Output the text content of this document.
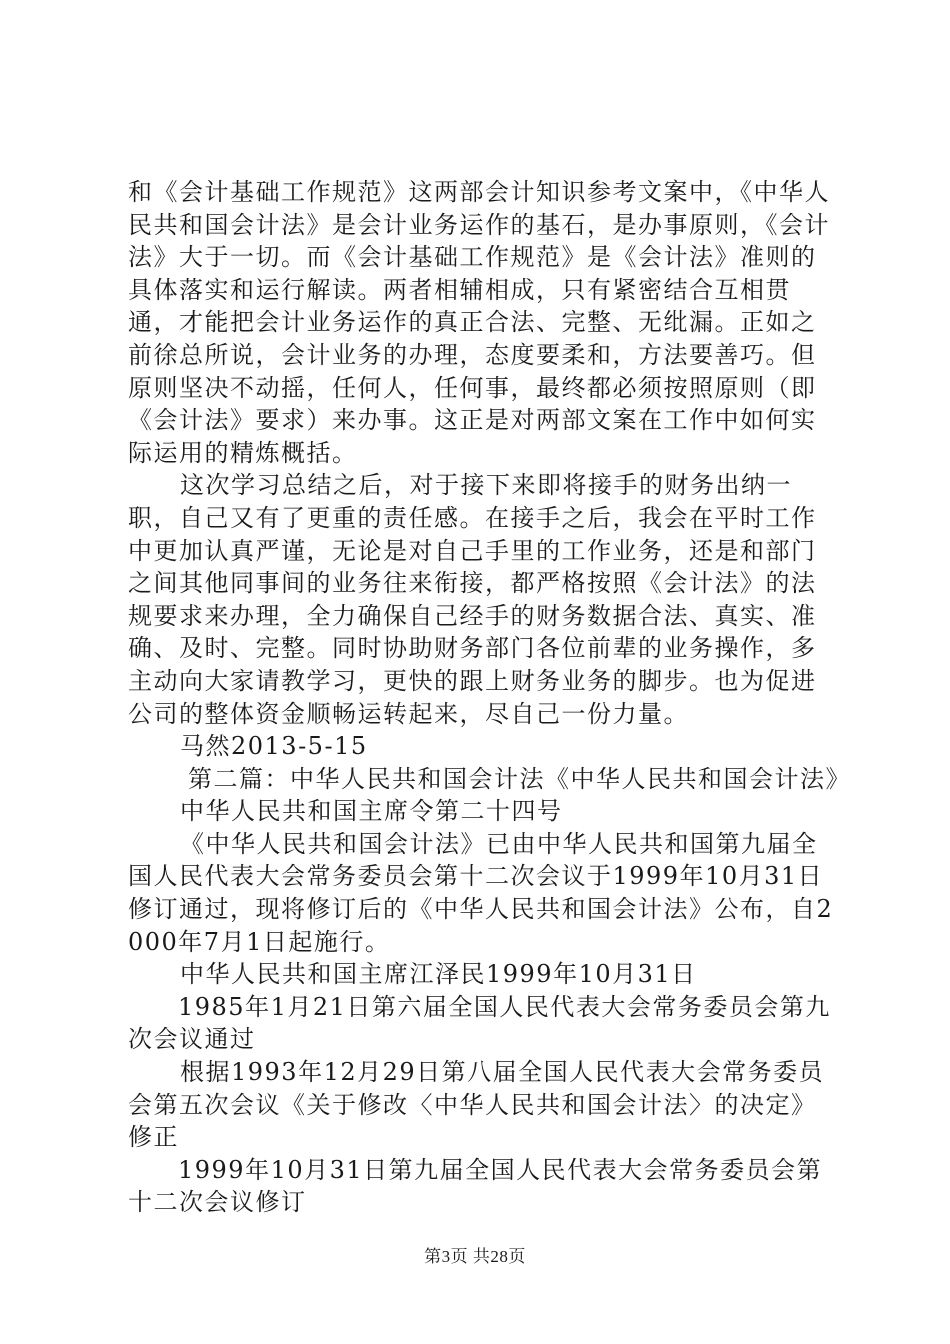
和《会计基础工作规范》这两部会计知识参考文案中，《中华人民共和国会计法》是会计业务运作的基石，是办事原则，《会计法》大于一切。而《会计基础工作规范》是《会计法》准则的具体落实和运行解读。两者相辅相成，只有紧密结合互相贯通，才能把会计业务运作的真正合法、完整、无纰漏。正如之前徐总所说，会计业务的办理，态度要柔和，方法要善巧。但原则坚决不动摇，任何人，任何事，最终都必须按照原则（即《会计法》要求）来办事。这正是对两部文案在工作中如何实际运用的精炼概括。

这次学习总结之后，对于接下来即将接手的财务出纳一职，自己又有了更重的责任感。在接手之后，我会在平时工作中更加认真严谨，无论是对自己手里的工作业务，还是和部门之间其他同事间的业务往来衔接，都严格按照《会计法》的法规要求来办理，全力确保自己经手的财务数据合法、真实、准确、及时、完整。同时协助财务部门各位前辈的业务操作，多主动向大家请教学习，更快的跟上财务业务的脚步。也为促进公司的整体资金顺畅运转起来，尽自己一份力量。

马然2013-5-15

第二篇：中华人民共和国会计法《中华人民共和国会计法》

中华人民共和国主席令第二十四号

《中华人民共和国会计法》已由中华人民共和国第九届全国人民代表大会常务委员会第十二次会议于1999年10月31日修订通过，现将修订后的《中华人民共和国会计法》公布，自2000年7月1日起施行。

中华人民共和国主席江泽民1999年10月31日

1985年1月21日第六届全国人民代表大会常务委员会第九次会议通过

根据1993年12月29日第八届全国人民代表大会常务委员会第五次会议《关于修改〈中华人民共和国会计法〉的决定》修正

1999年10月31日第九届全国人民代表大会常务委员会第十二次会议修订

第3页 共28页
